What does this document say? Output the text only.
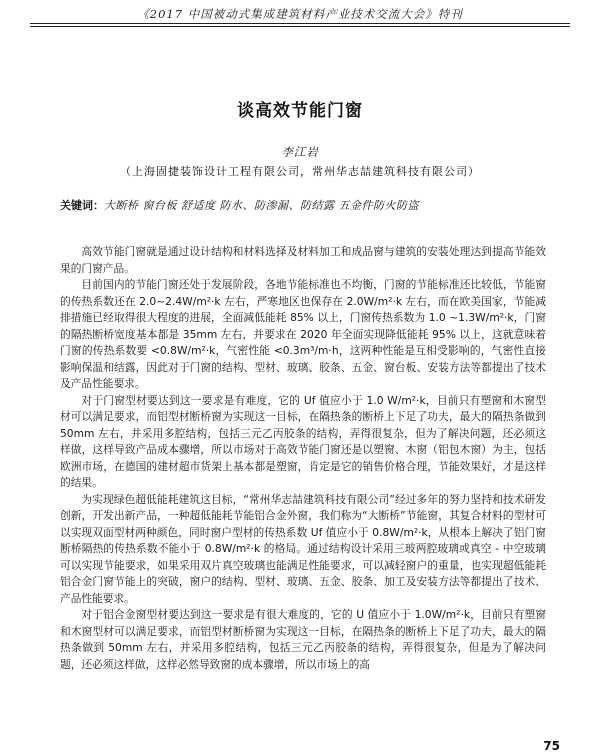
《2017 中国被动式集成建筑材料产业技术交流大会》特刊
谈高效节能门窗
李江岩
（上海固捷装饰设计工程有限公司，常州华志喆建筑科技有限公司）
关键词：大断桥 窗台板 舒适度 防水、防渗漏、防结露 五金件防火防盗

高效节能门窗就是通过设计结构和材料选择及材料加工和成品窗与建筑的安装处理达到提高节能效果的门窗产品。

目前国内的节能门窗还处于发展阶段，各地节能标准也不均衡，门窗的节能标准还比较低，节能窗的传热系数还在 2.0~2.4W/m²·k 左右，严寒地区也保存在 2.0W/m²·k 左右，而在欧美国家，节能减排措施已经取得很大程度的进展，全面减低能耗 85% 以上，门窗传热系数为 1.0 ~1.3W/m²·k，门窗的隔热断桥宽度基本都是 35mm 左右，并要求在 2020 年全面实现降低能耗 95% 以上，这就意味着门窗的传热系数要 <0.8W/m²·k，气密性能 <0.3m³/m·h，这两种性能是互相受影响的，气密性直接影响保温和结露，因此对于门窗的结构、型材、玻璃、胶条、五金、窗台板、安装方法等都提出了技术及产品性能要求。

对于门窗型材要达到这一要求是有难度，它的 Uf 值应小于 1.0 W/m²·k，目前只有塑窗和木窗型材可以满足要求，而铝型材断桥窗为实现这一目标，在隔热条的断桥上下足了功夫，最大的隔热条做到 50mm 左右，并采用多腔结构，包括三元乙丙胶条的结构，弄得很复杂，但为了解决问题，还必须这样做，这样导致产品成本骤增，所以市场对于高效节能门窗还是以塑窗、木窗（铝包木窗）为主，包括欧洲市场，在德国的建材超市货架上基本都是塑窗，肯定是它的销售价格合理，节能效果好，才是这样的结果。

为实现绿色超低能耗建筑这目标，“常州华志喆建筑科技有限公司”经过多年的努力坚持和技术研发创新，开发出新产品，一种超低能耗节能铝合金外窗，我们称为“大断桥”节能窗，其复合材料的型材可以实现双面型材两种颜色，同时窗户型材的传热系数 Uf 值应小于 0.8W/m²·k，从根本上解决了铝门窗断桥隔热的传热系数不能小于 0.8W/m²·k 的格局。通过结构设计采用三玻两腔玻璃或真空 - 中空玻璃可以实现节能要求，如果采用双片真空玻璃也能满足性能要求，可以减轻窗户的重量，也实现超低能耗铝合金门窗节能上的突破，窗户的结构、型材、玻璃、五金、胶条、加工及安装方法等都提出了技术、产品性能要求。

对于铝合金窗型材要达到这一要求是有很大难度的，它的 U 值应小于 1.0W/m²·k，目前只有塑窗和木窗型材可以满足要求，而铝型材断桥窗为实现这一目标，在隔热条的断桥上下足了功夫，最大的隔热条做到 50mm 左右，并采用多腔结构，包括三元乙丙胶条的结构，弄得很复杂，但是为了解决问题，还必须这样做，这样必然导致窗的成本骤增，所以市场上的高

75
